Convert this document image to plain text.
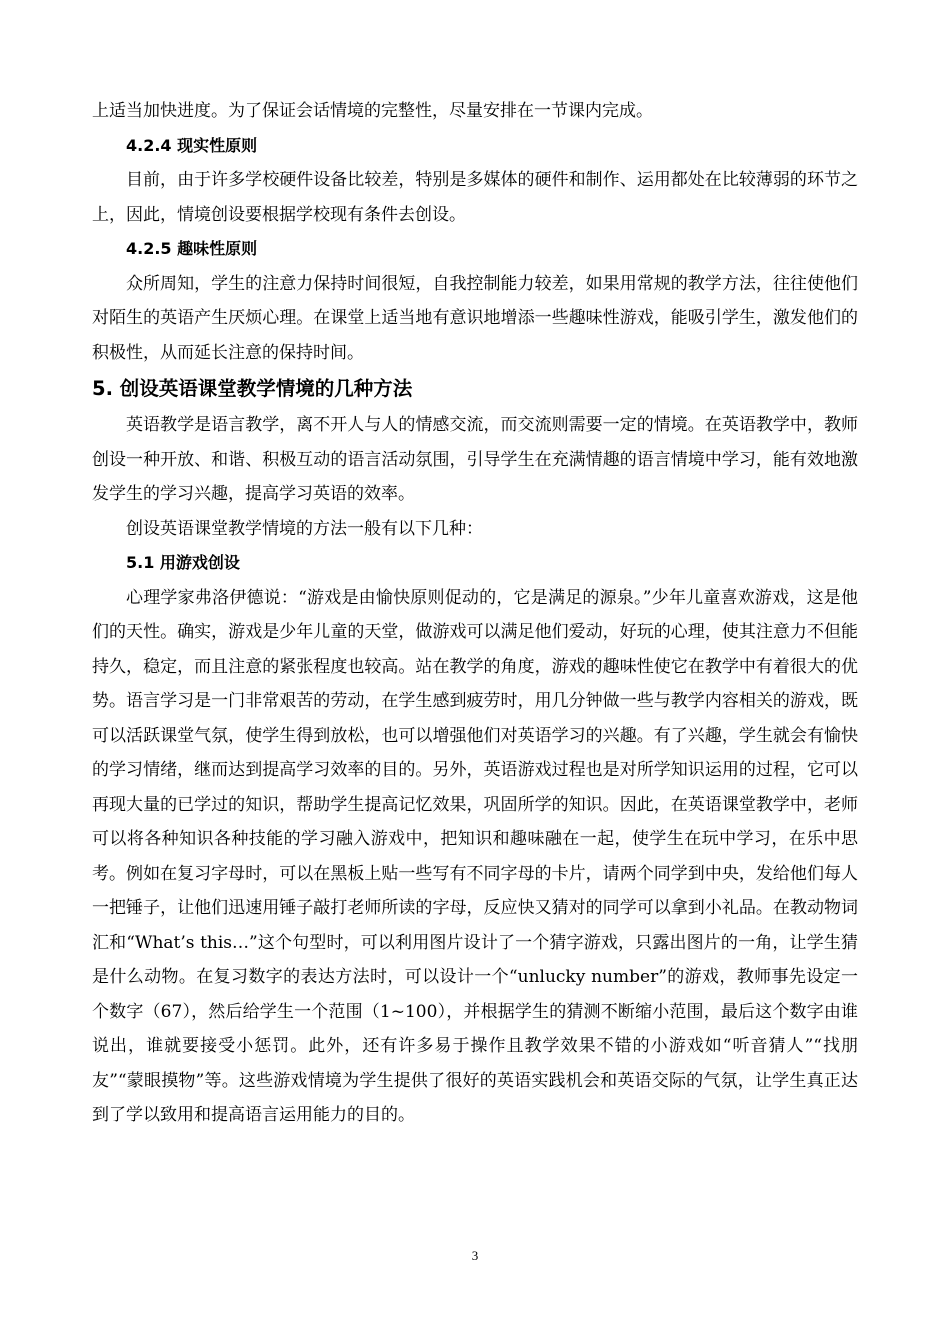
上适当加快进度。为了保证会话情境的完整性，尽量安排在一节课内完成。

4.2.4 现实性原则

目前，由于许多学校硬件设备比较差，特别是多媒体的硬件和制作、运用都处在比较薄弱的环节之上，因此，情境创设要根据学校现有条件去创设。

4.2.5 趣味性原则

众所周知，学生的注意力保持时间很短，自我控制能力较差，如果用常规的教学方法，往往使他们对陌生的英语产生厌烦心理。在课堂上适当地有意识地增添一些趣味性游戏，能吸引学生，激发他们的积极性，从而延长注意的保持时间。

5. 创设英语课堂教学情境的几种方法

英语教学是语言教学，离不开人与人的情感交流，而交流则需要一定的情境。在英语教学中，教师创设一种开放、和谐、积极互动的语言活动氛围，引导学生在充满情趣的语言情境中学习，能有效地激发学生的学习兴趣，提高学习英语的效率。

创设英语课堂教学情境的方法一般有以下几种：

5.1 用游戏创设

心理学家弗洛伊德说：“游戏是由愉快原则促动的，它是满足的源泉。”少年儿童喜欢游戏，这是他们的天性。确实，游戏是少年儿童的天堂，做游戏可以满足他们爱动，好玩的心理，使其注意力不但能持久，稳定，而且注意的紧张程度也较高。站在教学的角度，游戏的趣味性使它在教学中有着很大的优势。语言学习是一门非常艰苦的劳动，在学生感到疲劳时，用几分钟做一些与教学内容相关的游戏，既可以活跃课堂气氛，使学生得到放松，也可以增强他们对英语学习的兴趣。有了兴趣，学生就会有愉快的学习情绪，继而达到提高学习效率的目的。另外，英语游戏过程也是对所学知识运用的过程，它可以再现大量的已学过的知识，帮助学生提高记忆效果，巩固所学的知识。因此，在英语课堂教学中，老师可以将各种知识各种技能的学习融入游戏中，把知识和趣味融在一起，使学生在玩中学习，在乐中思考。例如在复习字母时，可以在黑板上贴一些写有不同字母的卡片，请两个同学到中央，发给他们每人一把锤子，让他们迅速用锤子敲打老师所读的字母，反应快又猜对的同学可以拿到小礼品。在教动物词汇和“What’s this…”这个句型时，可以利用图片设计了一个猜字游戏，只露出图片的一角，让学生猜是什么动物。在复习数字的表达方法时，可以设计一个“unlucky number”的游戏，教师事先设定一个数字（67），然后给学生一个范围（1~100），并根据学生的猜测不断缩小范围，最后这个数字由谁说出，谁就要接受小惩罚。此外，还有许多易于操作且教学效果不错的小游戏如“听音猜人”“找朋友”“蒙眼摸物”等。这些游戏情境为学生提供了很好的英语实践机会和英语交际的气氛，让学生真正达到了学以致用和提高语言运用能力的目的。

3
